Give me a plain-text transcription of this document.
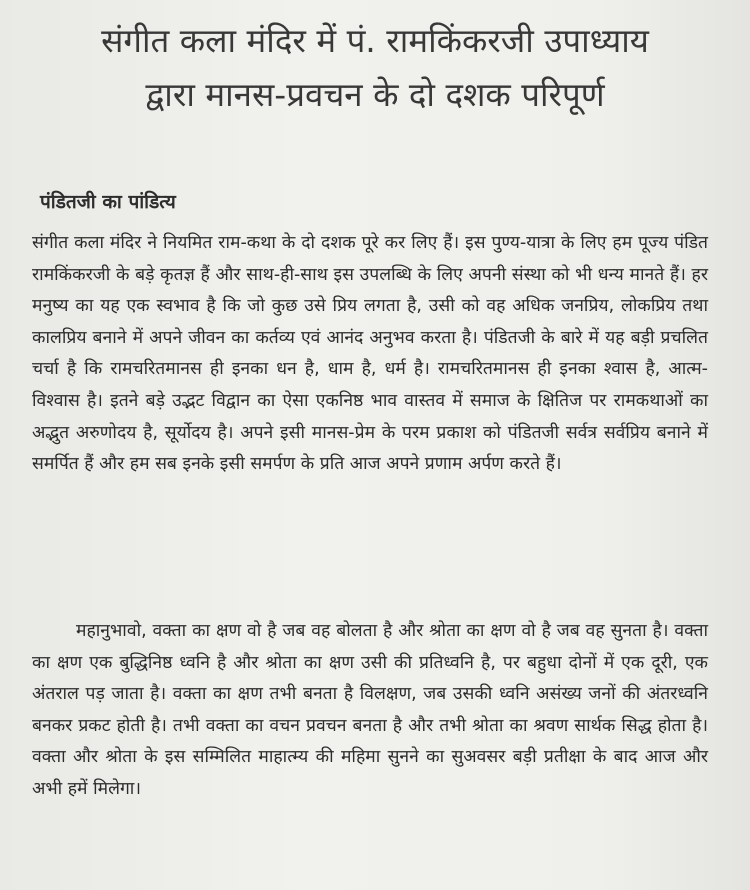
संगीत कला मंदिर में पं. रामकिंकरजी उपाध्याय
द्वारा मानस-प्रवचन के दो दशक परिपूर्ण
पंडितजी का पांडित्य

संगीत कला मंदिर ने नियमित राम-कथा के दो दशक पूरे कर लिए हैं। इस पुण्य-यात्रा के लिए हम पूज्य पंडित रामकिंकरजी के बड़े कृतज्ञ हैं और साथ-ही-साथ इस उपलब्धि के लिए अपनी संस्था को भी धन्य मानते हैं। हर मनुष्य का यह एक स्वभाव है कि जो कुछ उसे प्रिय लगता है, उसी को वह अधिक जनप्रिय, लोकप्रिय तथा कालप्रिय बनाने में अपने जीवन का कर्तव्य एवं आनंद अनुभव करता है। पंडितजी के बारे में यह बड़ी प्रचलित चर्चा है कि रामचरितमानस ही इनका धन है, धाम है, धर्म है। रामचरितमानस ही इनका श्वास है, आत्म-विश्वास है। इतने बड़े उद्भट विद्वान का ऐसा एकनिष्ठ भाव वास्तव में समाज के क्षितिज पर रामकथाओं का अद्भुत अरुणोदय है, सूर्योदय है। अपने इसी मानस-प्रेम के परम प्रकाश को पंडितजी सर्वत्र सर्वप्रिय बनाने में समर्पित हैं और हम सब इनके इसी समर्पण के प्रति आज अपने प्रणाम अर्पण करते हैं।

महानुभावो, वक्ता का क्षण वो है जब वह बोलता है और श्रोता का क्षण वो है जब वह सुनता है। वक्ता का क्षण एक बुद्धिनिष्ठ ध्वनि है और श्रोता का क्षण उसी की प्रतिध्वनि है, पर बहुधा दोनों में एक दूरी, एक अंतराल पड़ जाता है। वक्ता का क्षण तभी बनता है विलक्षण, जब उसकी ध्वनि असंख्य जनों की अंतरध्वनि बनकर प्रकट होती है। तभी वक्ता का वचन प्रवचन बनता है और तभी श्रोता का श्रवण सार्थक सिद्ध होता है। वक्ता और श्रोता के इस सम्मिलित माहात्म्य की महिमा सुनने का सुअवसर बड़ी प्रतीक्षा के बाद आज और अभी हमें मिलेगा।
